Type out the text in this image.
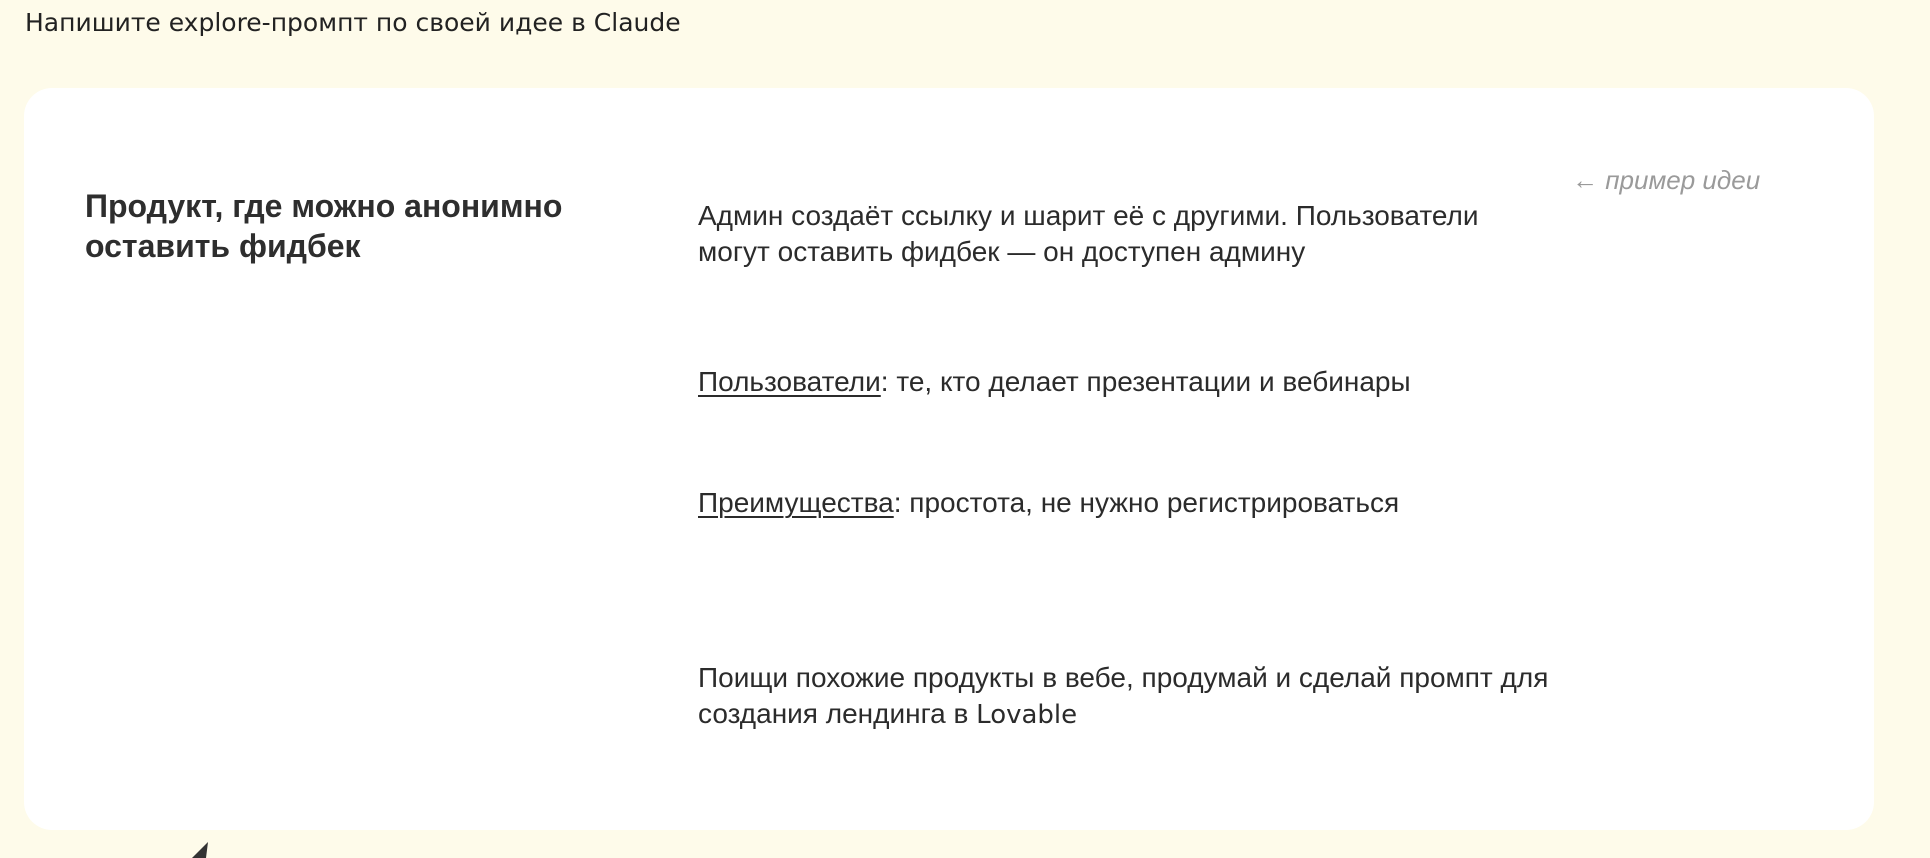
Напишите explore-промпт по своей идее в Claude
Продукт, где можно анонимно оставить фидбек
← пример идеи

Админ создаёт ссылку и шарит её с другими. Пользователи могут оставить фидбек — он доступен админу

Пользователи: те, кто делает презентации и вебинары

Преимущества: простота, не нужно регистрироваться

Поищи похожие продукты в вебе, продумай и сделай промпт для создания лендинга в Lovable
